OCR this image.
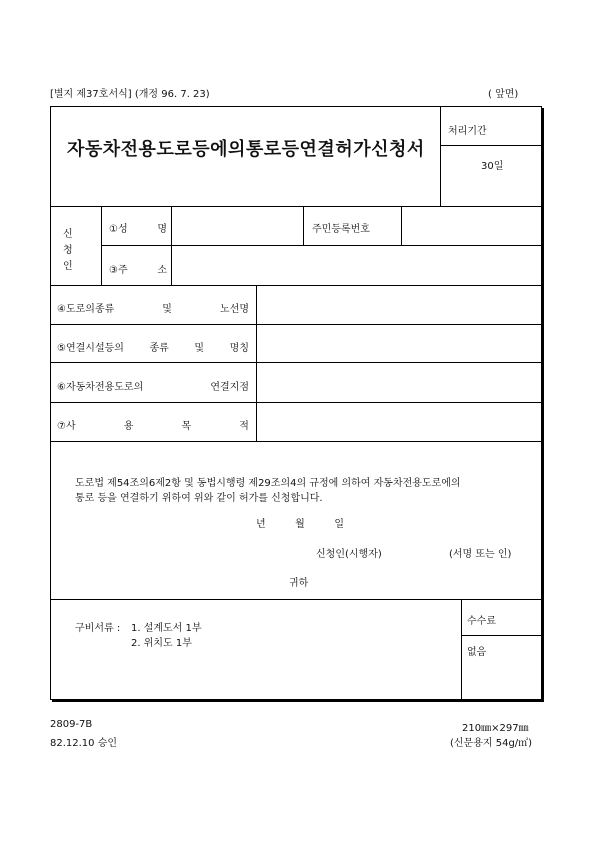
[별지 제37호서식] (개정 96. 7. 23)	( 앞면)
자동차전용도로등에의통로등연결허가신청서
처리기간
30일
신
청
인
①성	명	주민등록번호
③주	소
④도로의종류	및	노선명
⑤연결시설등의	종류	및	명칭
⑥자동차전용도로의	연결지점
⑦사	용	목	적
도로법 제54조의6제2항 및 동법시행령 제29조의4의 규정에 의하여 자동차전용도로에의
통로 등을 연결하기 위하여 위와 같이 허가를 신청합니다.
년	월	일
신청인(시행자)	(서명 또는 인)
귀하
구비서류 : 1. 설계도서 1부
2. 위치도 1부
수수료
없음
2809-7B
82.12.10 승인
210㎜×297㎜
(신문용지 54g/㎡)
